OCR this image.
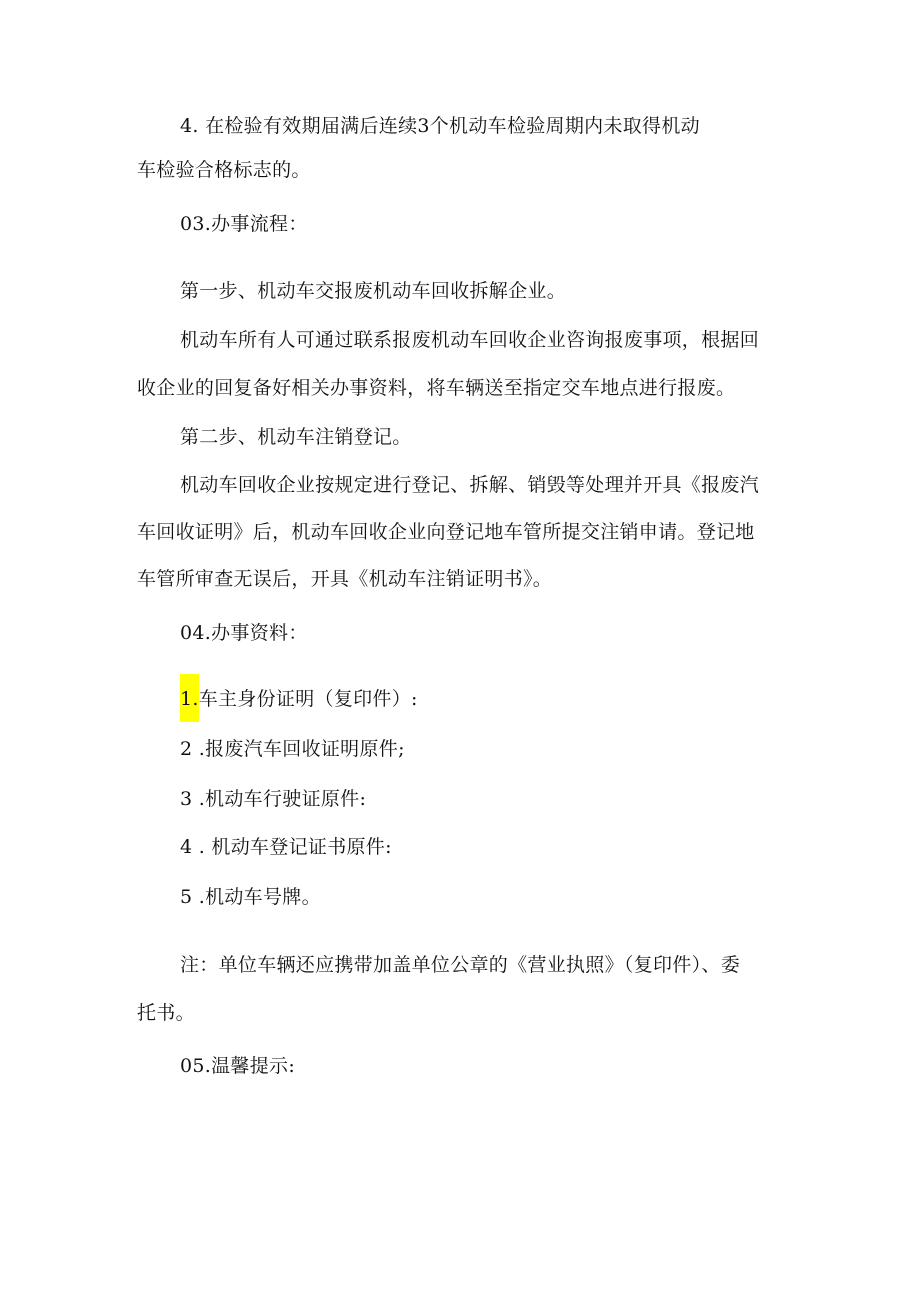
4. 在检验有效期届满后连续3个机动车检验周期内未取得机动
车检验合格标志的。
03.办事流程：
第一步、机动车交报废机动车回收拆解企业。
机动车所有人可通过联系报废机动车回收企业咨询报废事项，根据回
收企业的回复备好相关办事资料，将车辆送至指定交车地点进行报废。
第二步、机动车注销登记。
机动车回收企业按规定进行登记、拆解、销毁等处理并开具《报废汽
车回收证明》后，机动车回收企业向登记地车管所提交注销申请。登记地
车管所审查无误后，开具《机动车注销证明书》。
04.办事资料：
1.车主身份证明（复印件）:
2 .报废汽车回收证明原件;
3 .机动车行驶证原件:
4 . 机动车登记证书原件:
5 .机动车号牌。
注：单位车辆还应携带加盖单位公章的《营业执照》（复印件）、委
托书。
05.温馨提示:
